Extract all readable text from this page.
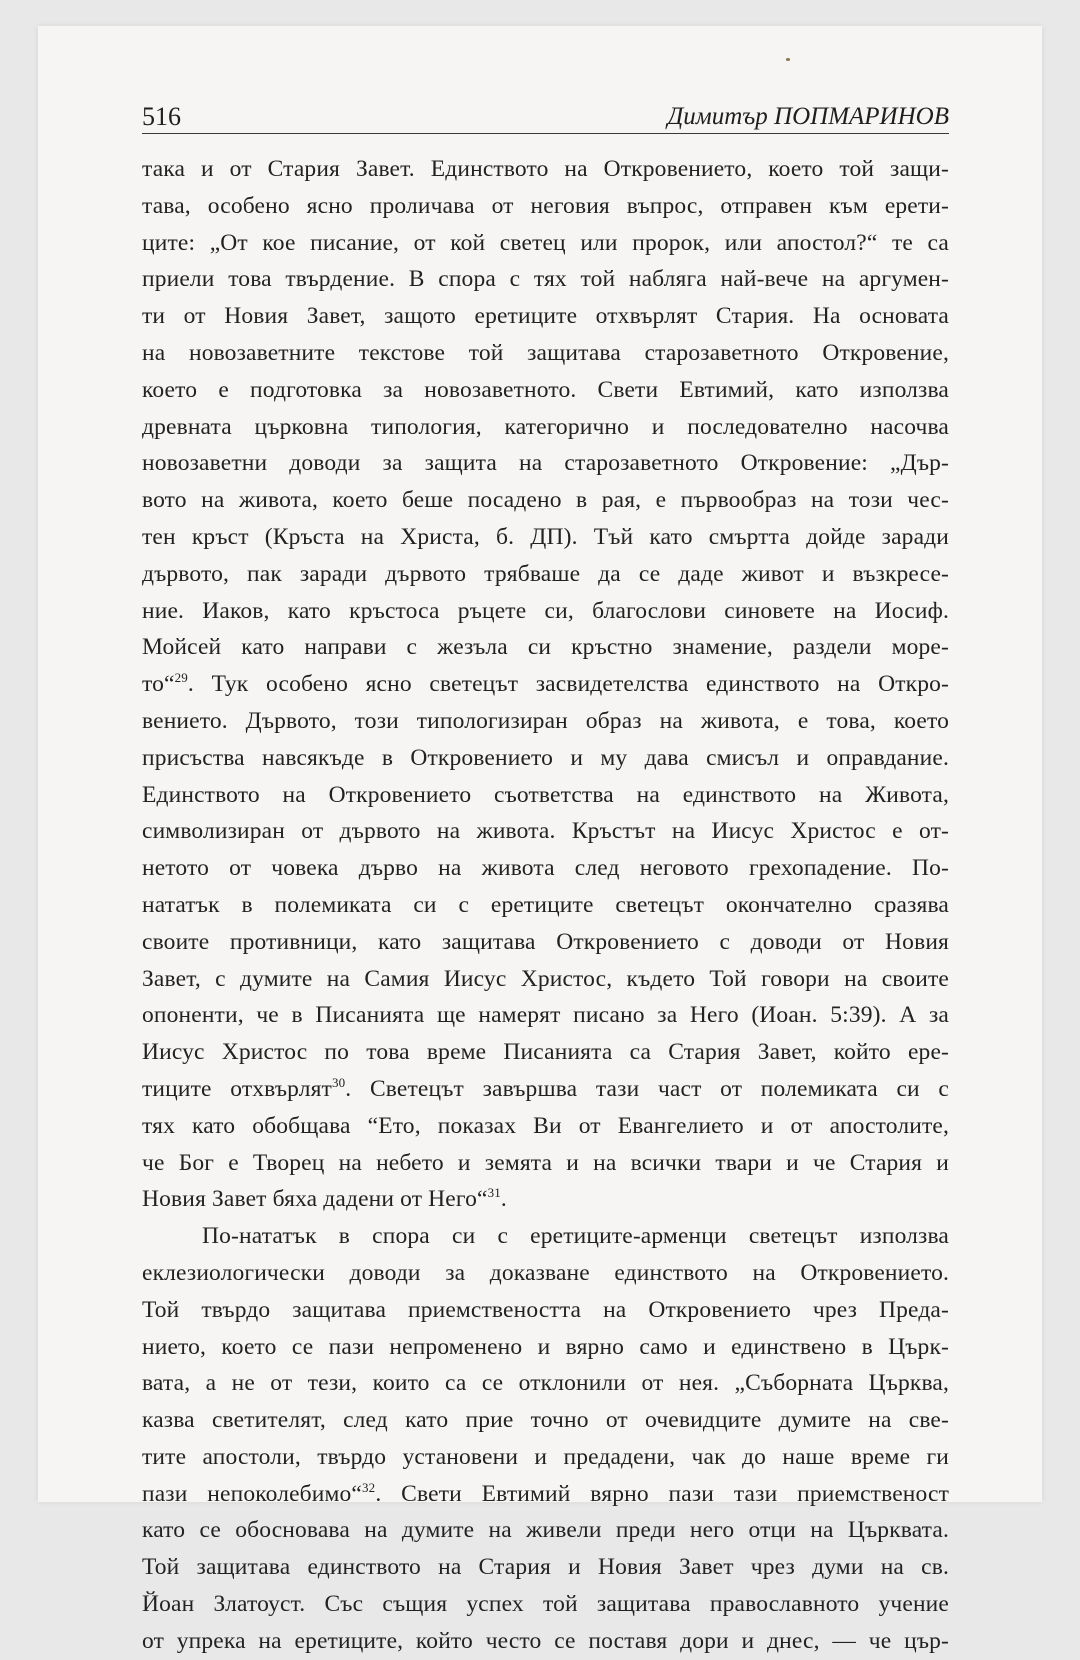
516	Димитър ПОПМАРИНОВ
така и от Стария Завет. Единството на Откровението, което той защи-
тава, особено ясно проличава от неговия въпрос, отправен към ерети-
ците: „От кое писание, от кой светец или пророк, или апостол?“ те са
приели това твърдение. В спора с тях той набляга най-вече на аргумен-
ти от Новия Завет, защото еретиците отхвърлят Стария. На основата
на новозаветните текстове той защитава старозаветното Откровение,
което е подготовка за новозаветното. Свети Евтимий, като използва
древната църковна типология, категорично и последователно насочва
новозаветни доводи за защита на старозаветното Откровение: „Дър-
вото на живота, което беше посадено в рая, е първообраз на този чес-
тен кръст (Кръста на Христа, б. ДП). Тъй като смъртта дойде заради
дървото, пак заради дървото трябваше да се даде живот и възкресе-
ние. Иаков, като кръстоса ръцете си, благослови синовете на Иосиф.
Мойсей като направи с жезъла си кръстно знамение, раздели море-
то“$^{29}$. Тук особено ясно светецът засвидетелства единството на Откро-
вението. Дървото, този типологизиран образ на живота, е това, което
присъства навсякъде в Откровението и му дава смисъл и оправдание.
Единството на Откровението съответства на единството на Живота,
символизиран от дървото на живота. Кръстът на Иисус Христос е от-
нетото от човека дърво на живота след неговото грехопадение. По-
нататък в полемиката си с еретиците светецът окончателно сразява
своите противници, като защитава Откровението с доводи от Новия
Завет, с думите на Самия Иисус Христос, където Той говори на своите
опоненти, че в Писанията ще намерят писано за Него (Иоан. 5:39). А за
Иисус Христос по това време Писанията са Стария Завет, който ере-
тиците отхвърлят$^{30}$. Светецът завършва тази част от полемиката си с
тях като обобщава “Ето, показах Ви от Евангелието и от апостолите,
че Бог е Творец на небето и земята и на всички твари и че Стария и
Новия Завет бяха дадени от Него“$^{31}$.
По-нататък в спора си с еретиците-арменци светецът използва
еклезиологически доводи за доказване единството на Откровението.
Той твърдо защитава приемствеността на Откровението чрез Преда-
нието, което се пази непроменено и вярно само и единствено в Църк-
вата, а не от тези, които са се отклонили от нея. „Съборната Църква,
казва светителят, след като прие точно от очевидците думите на све-
тите апостоли, твърдо установени и предадени, чак до наше време ги
пази непоколебимо“$^{32}$. Свети Евтимий вярно пази тази приемственост
като се обосновава на думите на живели преди него отци на Църквата.
Той защитава единството на Стария и Новия Завет чрез думи на св.
Йоан Златоуст. Със същия успех той защитава православното учение
от упрека на еретиците, който често се поставя дори и днес, — че цър-
